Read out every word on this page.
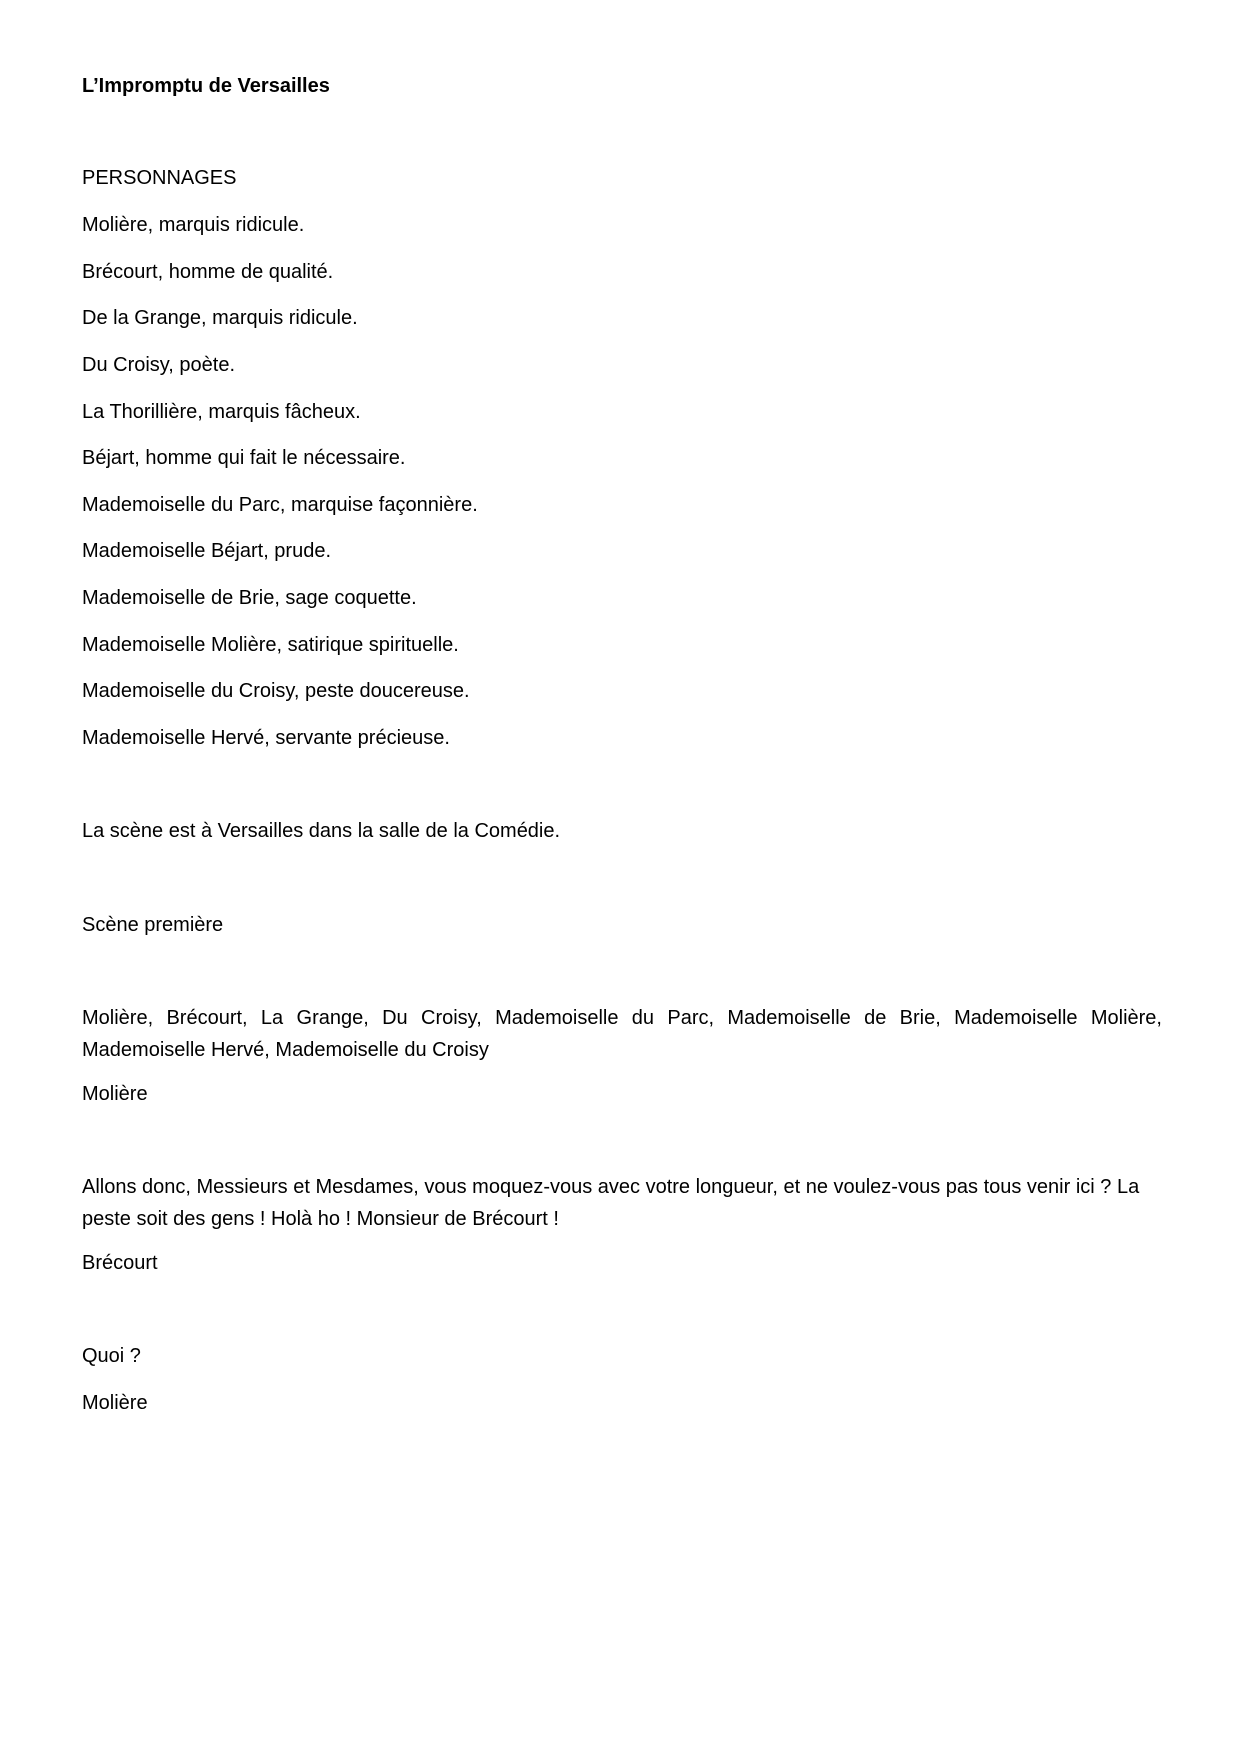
L’Impromptu de Versailles

PERSONNAGES

Molière, marquis ridicule.

Brécourt, homme de qualité.

De la Grange, marquis ridicule.

Du Croisy, poète.

La Thorillière, marquis fâcheux.

Béjart, homme qui fait le nécessaire.

Mademoiselle du Parc, marquise façonnière.

Mademoiselle Béjart, prude.

Mademoiselle de Brie, sage coquette.

Mademoiselle Molière, satirique spirituelle.

Mademoiselle du Croisy, peste doucereuse.

Mademoiselle Hervé, servante précieuse.

La scène est à Versailles dans la salle de la Comédie.

Scène première

Molière, Brécourt, La Grange, Du Croisy, Mademoiselle du Parc, Mademoiselle de Brie, Mademoiselle Molière, Mademoiselle Hervé, Mademoiselle du Croisy

Molière

Allons donc, Messieurs et Mesdames, vous moquez-vous avec votre longueur, et ne voulez-vous pas tous venir ici ? La peste soit des gens ! Holà ho ! Monsieur de Brécourt !

Brécourt

Quoi ?

Molière
